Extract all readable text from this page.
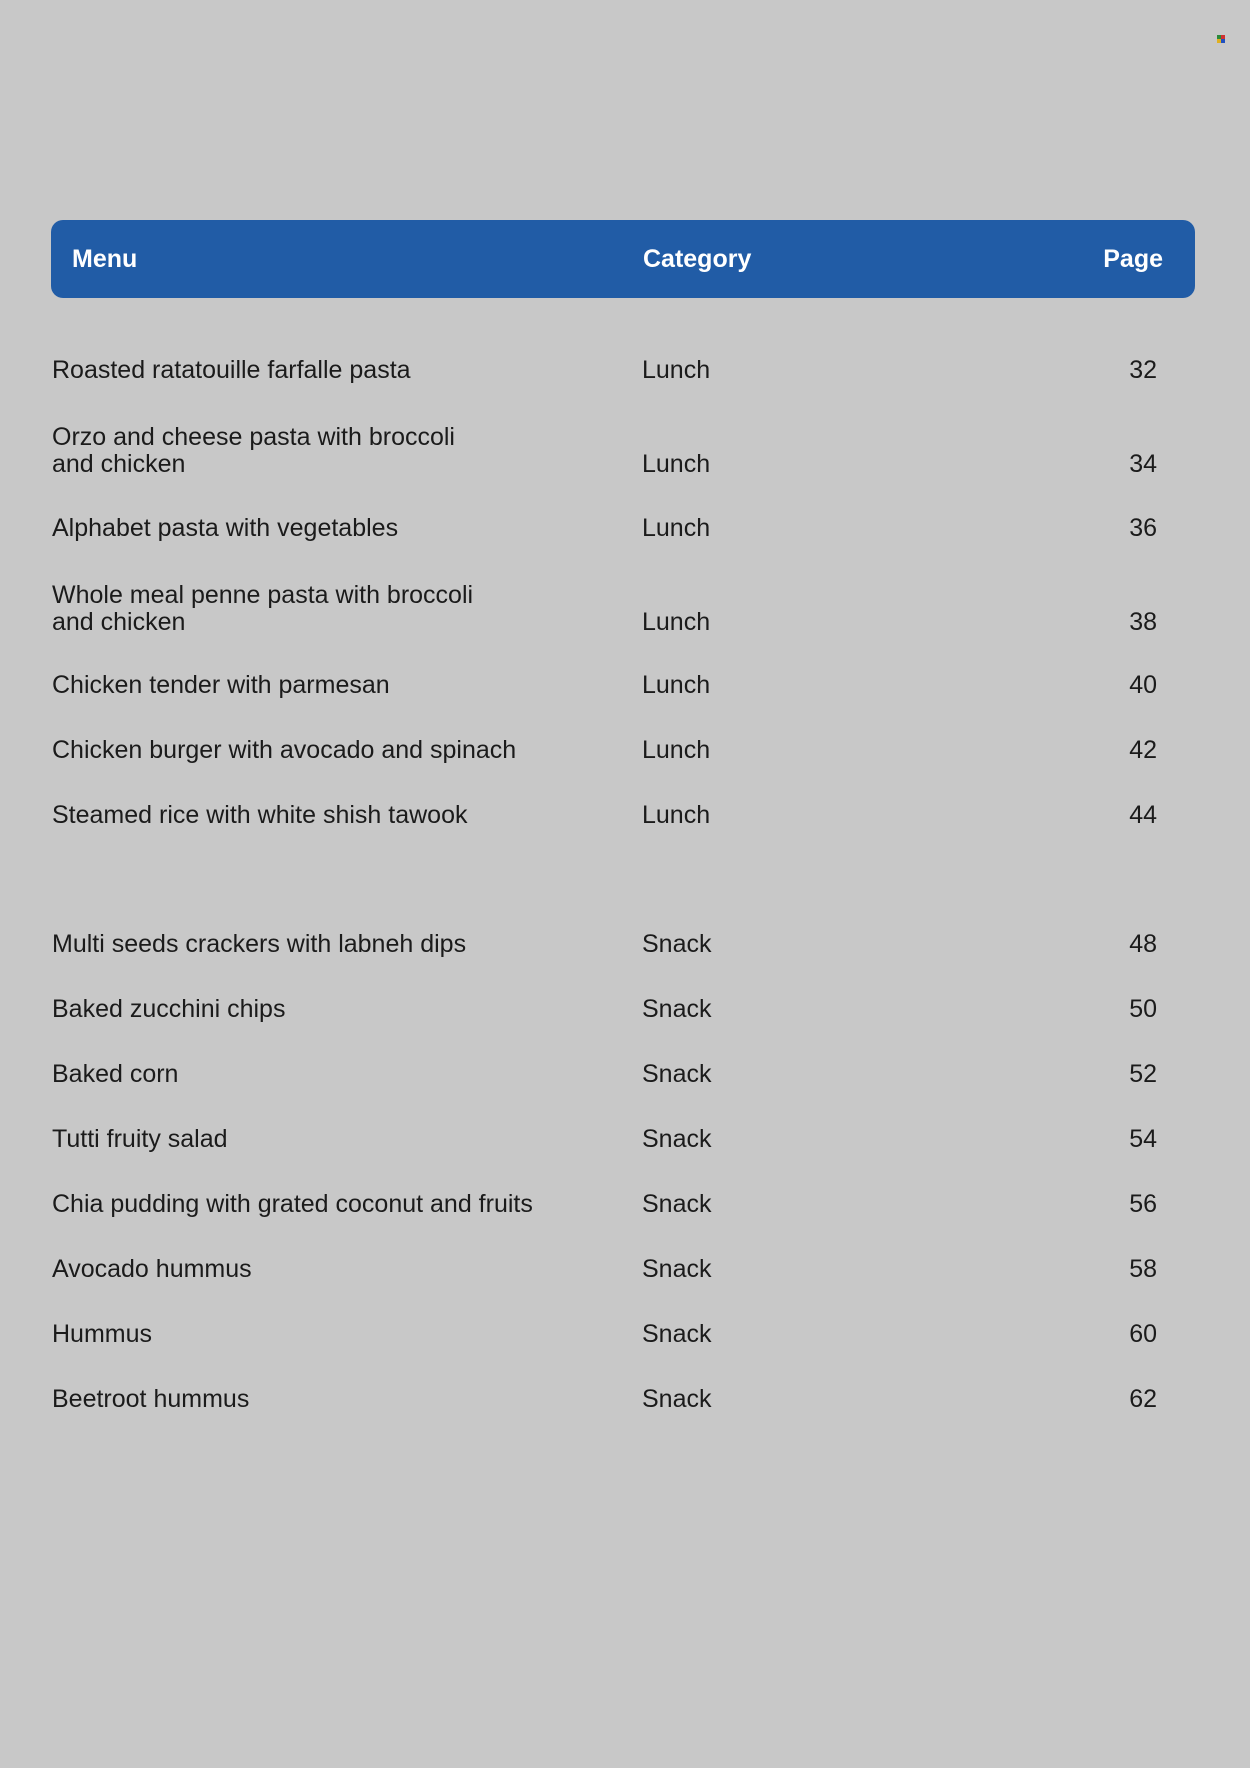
Menu	Category	Page
Roasted ratatouille farfalle pasta	Lunch	32
Orzo and cheese pasta with broccoli
and chicken	Lunch	34
Alphabet pasta with vegetables	Lunch	36
Whole meal penne pasta with broccoli
and chicken	Lunch	38
Chicken tender with parmesan	Lunch	40
Chicken burger with avocado and spinach	Lunch	42
Steamed rice with white shish tawook	Lunch	44
Multi seeds crackers with labneh dips	Snack	48
Baked zucchini chips	Snack	50
Baked corn	Snack	52
Tutti fruity salad	Snack	54
Chia pudding with grated coconut and fruits	Snack	56
Avocado hummus	Snack	58
Hummus	Snack	60
Beetroot hummus	Snack	62
